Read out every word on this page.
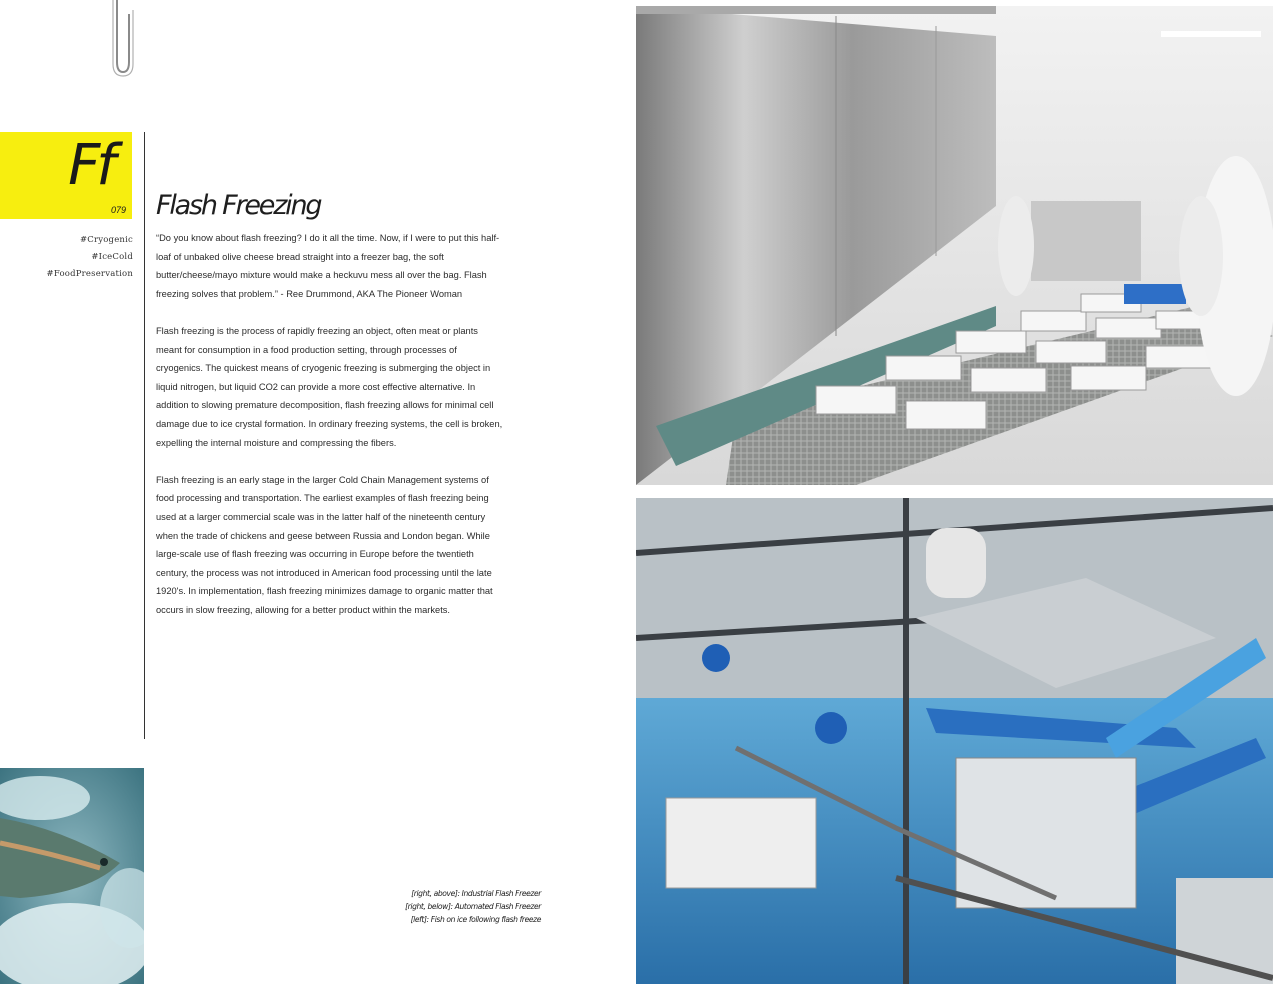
Ff
079
#Cryogenic
#IceCold
#FoodPreservation
Flash Freezing

“Do you know about flash freezing? I do it all the time. Now, if I were to put this half-loaf of unbaked olive cheese bread straight into a freezer bag, the soft butter/cheese/mayo mixture would make a heckuvu mess all over the bag. Flash freezing solves that problem.” - Ree Drummond, AKA The Pioneer Woman

Flash freezing is the process of rapidly freezing an object, often meat or plants meant for consumption in a food production setting, through processes of cryogenics. The quickest means of cryogenic freezing is submerging the object in liquid nitrogen, but liquid CO2 can provide a more cost effective alternative. In addition to slowing premature decomposition, flash freezing allows for minimal cell damage due to ice crystal formation. In ordinary freezing systems, the cell is broken, expelling the internal moisture and compressing the fibers.

Flash freezing is an early stage in the larger Cold Chain Management systems of food processing and transportation. The earliest examples of flash freezing being used at a larger commercial scale was in the latter half of the nineteenth century when the trade of chickens and geese between Russia and London began. While large-scale use of flash freezing was occurring in Europe before the twentieth century, the process was not introduced in American food processing until the late 1920's. In implementation, flash freezing minimizes damage to organic matter that occurs in slow freezing, allowing for a better product within the markets.

[right, above]: Industrial Flash Freezer
[right, below]: Automated Flash Freezer
[left]: Fish on ice following flash freeze
